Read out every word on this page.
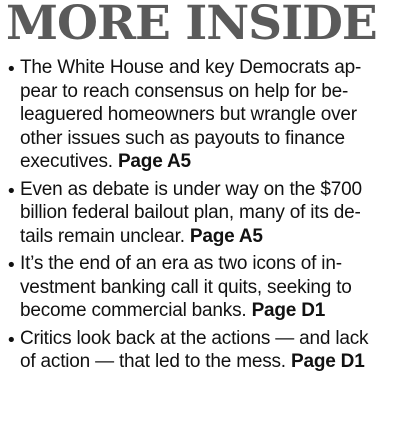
MORE INSIDE
• The White House and key Democrats ap-
pear to reach consensus on help for be-
leaguered homeowners but wrangle over
other issues such as payouts to finance
executives. Page A5
• Even as debate is under way on the $700
billion federal bailout plan, many of its de-
tails remain unclear. Page A5
• It’s the end of an era as two icons of in-
vestment banking call it quits, seeking to
become commercial banks. Page D1
• Critics look back at the actions — and lack
of action — that led to the mess. Page D1
